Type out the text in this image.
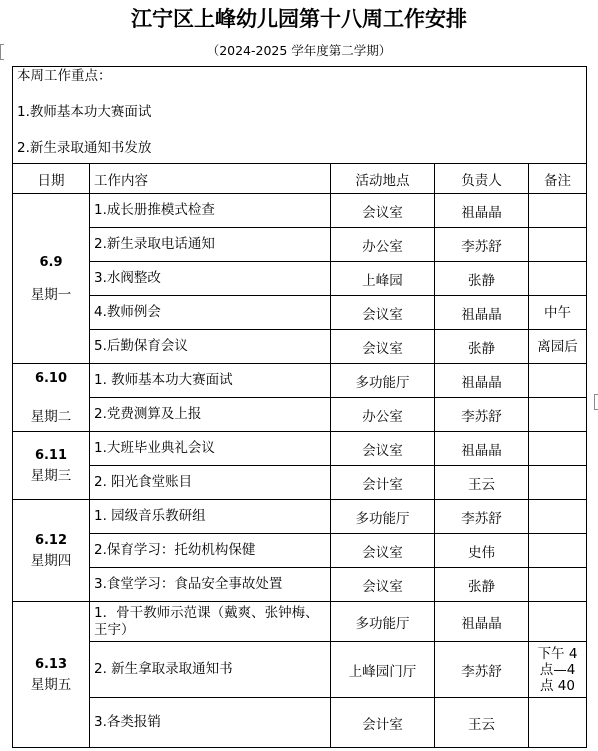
江宁区上峰幼儿园第十八周工作安排
（2024-2025 学年度第二学期）
本周工作重点：
1.教师基本功大赛面试
2.新生录取通知书发放				

日期	工作内容	活动地点	负责人	备注

6.9
星期一	1.成长册推模式检查	会议室	祖晶晶	
	2.新生录取电话通知	办公室	李苏舒	
	3.水阀整改	上峰园	张静	
	4.教师例会	会议室	祖晶晶	中午
	5.后勤保育会议	会议室	张静	离园后

6.10
星期二	1. 教师基本功大赛面试	多功能厅	祖晶晶	
	2.党费测算及上报	办公室	李苏舒	

6.11
星期三	1.大班毕业典礼会议	会议室	祖晶晶	
	2. 阳光食堂账目	会计室	王云	

6.12
星期四	1. 园级音乐教研组	多功能厅	李苏舒	
	2.保育学习：托幼机构保健	会议室	史伟	
	3.食堂学习：食品安全事故处置	会议室	张静	

6.13
星期五	1．骨干教师示范课（戴爽、张钟梅、王宇）	多功能厅	祖晶晶	
	2. 新生拿取录取通知书	上峰园门厅	李苏舒	下午 4 点—4 点 40
	3.各类报销	会计室	王云	
